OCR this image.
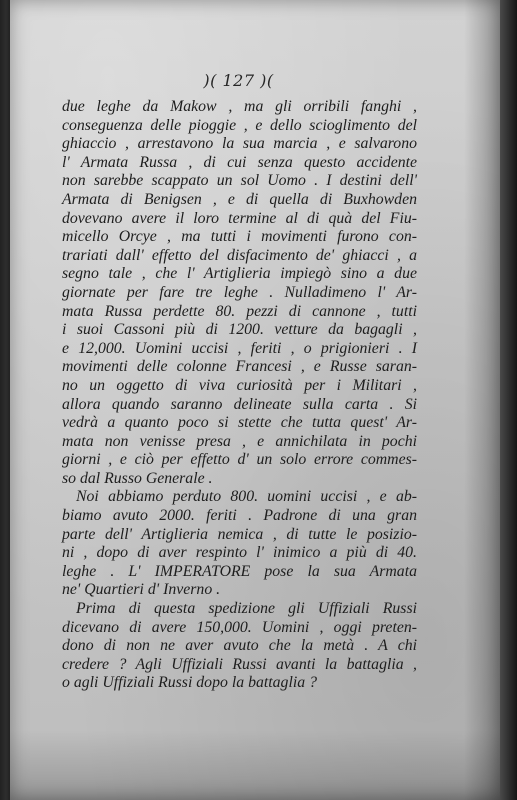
)( 127 )(
due leghe da Makow , ma gli orribili fanghi ,
conseguenza delle pioggie , e dello scioglimento del
ghiaccio , arrestavono la sua marcia , e salvarono
l' Armata Russa , di cui senza questo accidente
non sarebbe scappato un sol Uomo . I destini dell'
Armata di Benigsen , e di quella di Buxhowden
dovevano avere il loro termine al di quà del Fiu-
micello Orcye , ma tutti i movimenti furono con-
trariati dall' effetto del disfacimento de' ghiacci , a
segno tale , che l' Artiglieria impiegò sino a due
giornate per fare tre leghe . Nulladimeno l' Ar-
mata Russa perdette 80. pezzi di cannone , tutti
i suoi Cassoni più di 1200. vetture da bagagli ,
e 12,000. Uomini uccisi , feriti , o prigionieri . I
movimenti delle colonne Francesi , e Russe saran-
no un oggetto di viva curiosità per i Militari ,
allora quando saranno delineate sulla carta . Si
vedrà a quanto poco si stette che tutta quest' Ar-
mata non venisse presa , e annichilata in pochi
giorni , e ciò per effetto d' un solo errore commes-
so dal Russo Generale .
Noi abbiamo perduto 800. uomini uccisi , e ab-
biamo avuto 2000. feriti . Padrone di una gran
parte dell' Artiglieria nemica , di tutte le posizio-
ni , dopo di aver respinto l' inimico a più di 40.
leghe . L' IMPERATORE pose la sua Armata
ne' Quartieri d' Inverno .
Prima di questa spedizione gli Uffiziali Russi
dicevano di avere 150,000. Uomini , oggi preten-
dono di non ne aver avuto che la metà . A chi
credere ? Agli Uffiziali Russi avanti la battaglia ,
o agli Uffiziali Russi dopo la battaglia ?
